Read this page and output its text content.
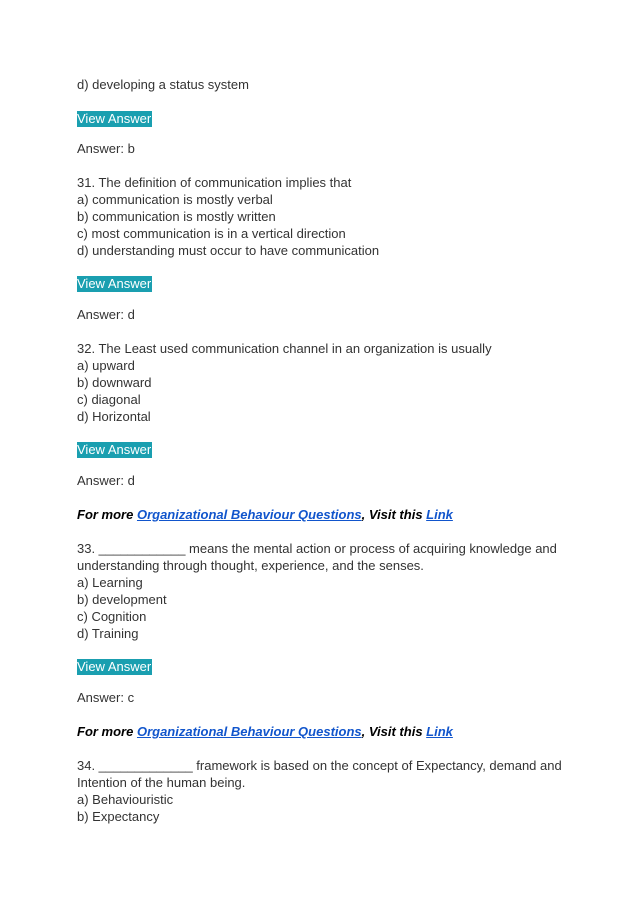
d) developing a status system
View Answer
Answer: b
31. The definition of communication implies that
a) communication is mostly verbal
b) communication is mostly written
c) most communication is in a vertical direction
d) understanding must occur to have communication
View Answer
Answer: d
32. The Least used communication channel in an organization is usually
a) upward
b) downward
c) diagonal
d) Horizontal
View Answer
Answer: d
For more Organizational Behaviour Questions, Visit this Link
33. ____________ means the mental action or process of acquiring knowledge and
understanding through thought, experience, and the senses.
a) Learning
b) development
c) Cognition
d) Training
View Answer
Answer: c
For more Organizational Behaviour Questions, Visit this Link
34. _____________ framework is based on the concept of Expectancy, demand and
Intention of the human being.
a) Behaviouristic
b) Expectancy
